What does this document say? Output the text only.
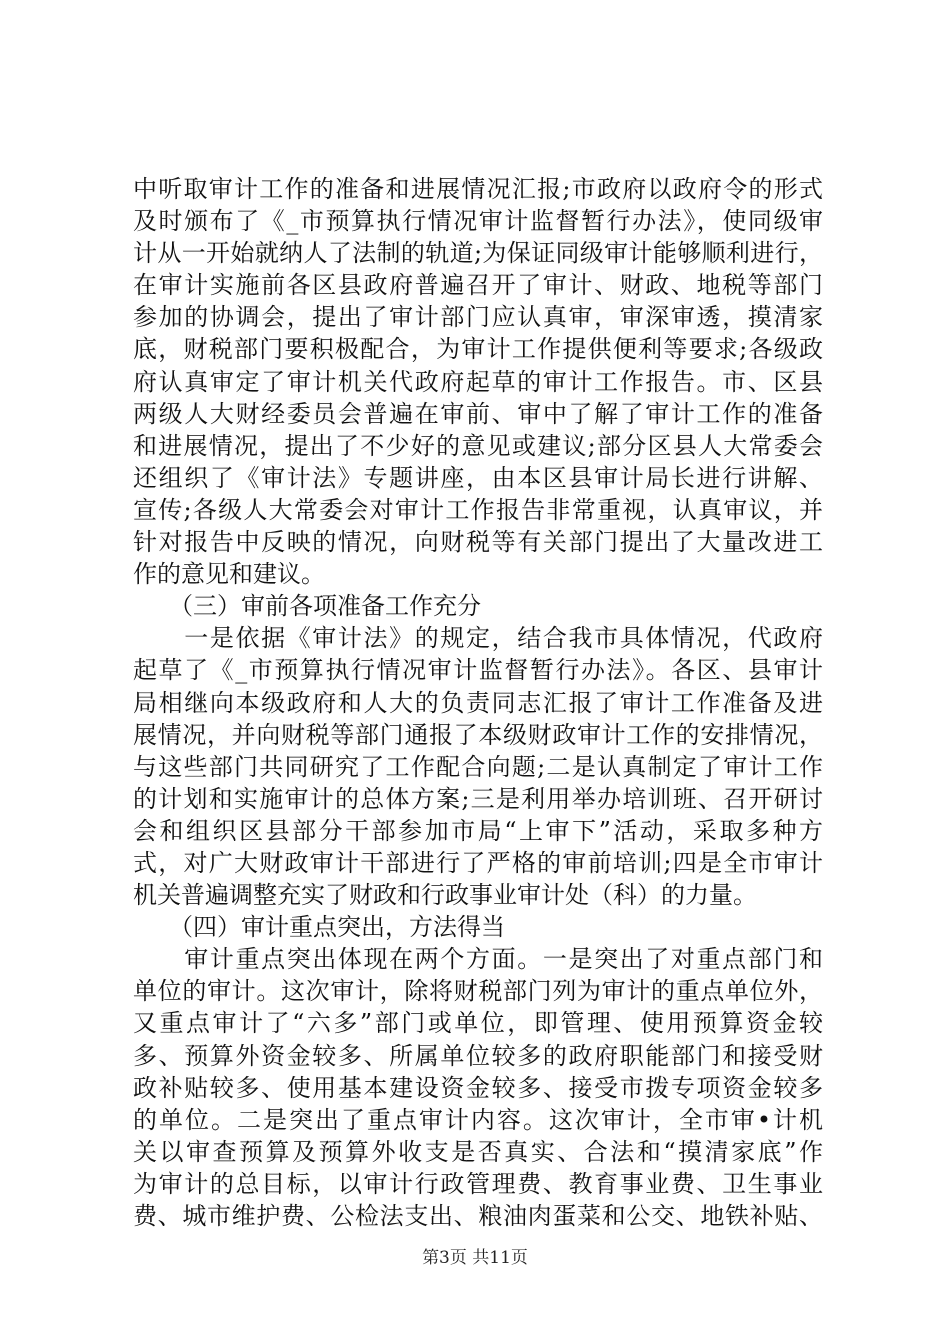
中听取审计工作的准备和进展情况汇报;市政府以政府令的形式
及时颁布了《_市预算执行情况审计监督暂行办法》，使同级审
计从一开始就纳人了法制的轨道;为保证同级审计能够顺利进行，
在审计实施前各区县政府普遍召开了审计、财政、地税等部门
参加的协调会，提出了审计部门应认真审，审深审透，摸清家
底，财税部门要积极配合，为审计工作提供便利等要求;各级政
府认真审定了审计机关代政府起草的审计工作报告。市、区县
两级人大财经委员会普遍在审前、审中了解了审计工作的准备
和进展情况，提出了不少好的意见或建议;部分区县人大常委会
还组织了《审计法》专题讲座，由本区县审计局长进行讲解、
宣传;各级人大常委会对审计工作报告非常重视，认真审议，并
针对报告中反映的情况，向财税等有关部门提出了大量改进工
作的意见和建议。
　　（三）审前各项准备工作充分
　　一是依据《审计法》的规定，结合我市具体情况，代政府
起草了《_市预算执行情况审计监督暂行办法》。各区、县审计
局相继向本级政府和人大的负责同志汇报了审计工作准备及进
展情况，并向财税等部门通报了本级财政审计工作的安排情况，
与这些部门共同研究了工作配合向题;二是认真制定了审计工作
的计划和实施审计的总体方案;三是利用举办培训班、召开研讨
会和组织区县部分干部参加市局“上审下”活动，采取多种方
式，对广大财政审计干部进行了严格的审前培训;四是全市审计
机关普遍调整充实了财政和行政事业审计处（科）的力量。
　　（四）审计重点突出，方法得当
　　审计重点突出体现在两个方面。一是突出了对重点部门和
单位的审计。这次审计，除将财税部门列为审计的重点单位外，
又重点审计了“六多”部门或单位，即管理、使用预算资金较
多、预算外资金较多、所属单位较多的政府职能部门和接受财
政补贴较多、使用基本建设资金较多、接受市拨专项资金较多
的单位。二是突出了重点审计内容。这次审计，全市审•计机
关以审查预算及预算外收支是否真实、合法和“摸清家底”作
为审计的总目标，以审计行政管理费、教育事业费、卫生事业
费、城市维护费、公检法支出、粮油肉蛋菜和公交、地铁补贴、
第3页 共11页
